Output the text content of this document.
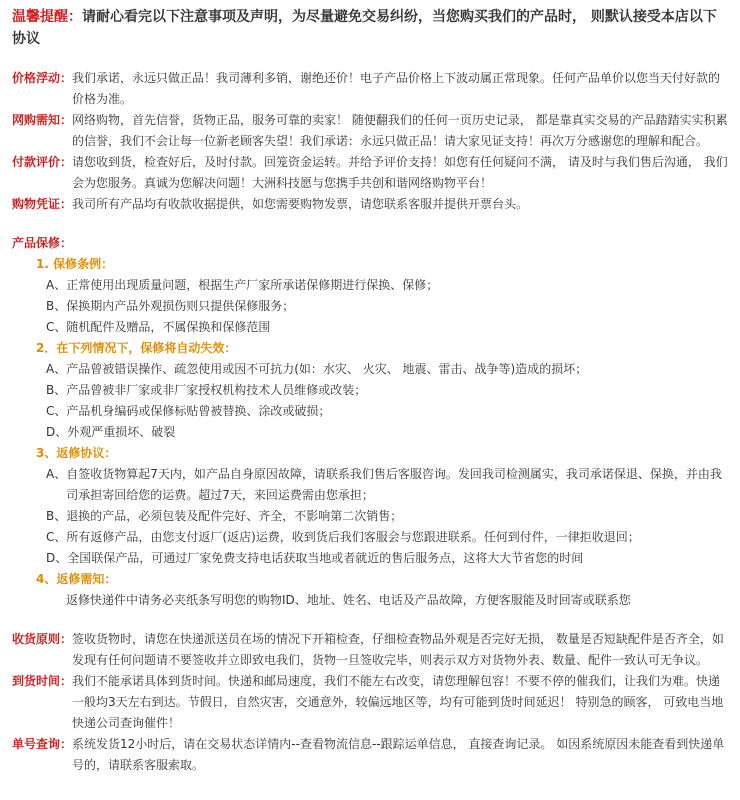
温馨提醒：请耐心看完以下注意事项及声明，为尽量避免交易纠纷，当您购买我们的产品时， 则默认接受本店以下协议
价格浮动： 我们承诺，永远只做正品！我司薄利多销，谢绝还价！电子产品价格上下波动属正常现象。任何产品单价以您当天付好款的价格为准。
网购需知： 网络购物，首先信誉，货物正品，服务可靠的卖家！ 随便翻我们的任何一页历史记录， 都是靠真实交易的产品踏踏实实积累的信誉，我们不会让每一位新老顾客失望！我们承诺：永远只做正品！请大家见证支持！再次万分感谢您的理解和配合。
付款评价： 请您收到货，检查好后，及时付款。回笼资金运转。并给予评价支持！如您有任何疑问不满， 请及时与我们售后沟通， 我们会为您服务。真诚为您解决问题！大洲科技愿与您携手共创和谐网络购物平台！
购物凭证： 我司所有产品均有收款收据提供，如您需要购物发票，请您联系客服并提供开票台头。
产品保修：
1. 保修条例：
A、 正常使用出现质量问题，根据生产厂家所承诺保修期进行保换、保修；
B、 保换期内产品外观损伤则只提供保修服务；
C、 随机配件及赠品，不属保换和保修范围
2．在下列情况下，保修将自动失效：
A、 产品曾被错误操作、疏忽使用或因不可抗力(如：水灾、 火灾、 地震、雷击、战争等)造成的损坏；
B、 产品曾被非厂家或非厂家授权机构技术人员维修或改装；
C、 产品机身编码或保修标贴曾被替换、涂改或破损；
D、 外观严重损坏、破裂
3、返修协议：
A、 自签收货物算起7天内，如产品自身原因故障，请联系我们售后客服咨询。发回我司检测属实，我司承诺保退、保换，并由我司承担寄回给您的运费。超过7天，来回运费需由您承担；
B、 退换的产品，必须包装及配件完好、齐全，不影响第二次销售；
C、 所有返修产品，由您支付返厂(返店)运费，收到货后我们客服会与您跟进联系。任何到付件，一律拒收退回；
D、 全国联保产品，可通过厂家免费支持电话获取当地或者就近的售后服务点，这将大大节省您的时间
4、返修需知：
返修快递件中请务必夹纸条写明您的购物ID、地址、姓名、电话及产品故障，方便客服能及时回寄或联系您
收货原则： 签收货物时，请您在快递派送员在场的情况下开箱检查，仔细检查物品外观是否完好无损， 数量是否短缺配件是否齐全，如发现有任何问题请不要签收并立即致电我们，货物一旦签收完毕，则表示双方对货物外表、数量、配件一致认可无争议。
到货时间： 我们不能承诺具体到货时间。快递和邮局速度，我们不能左右改变，请您理解包容！不要不停的催我们，让我们为难。快递一般均3天左右到达。节假日，自然灾害，交通意外，较偏远地区等，均有可能到货时间延迟！ 特别急的顾客， 可致电当地快递公司查询催件！
单号查询： 系统发货12小时后，请在交易状态详情内--查看物流信息--跟踪运单信息， 直接查询记录。 如因系统原因未能查看到快递单号的，请联系客服索取。
